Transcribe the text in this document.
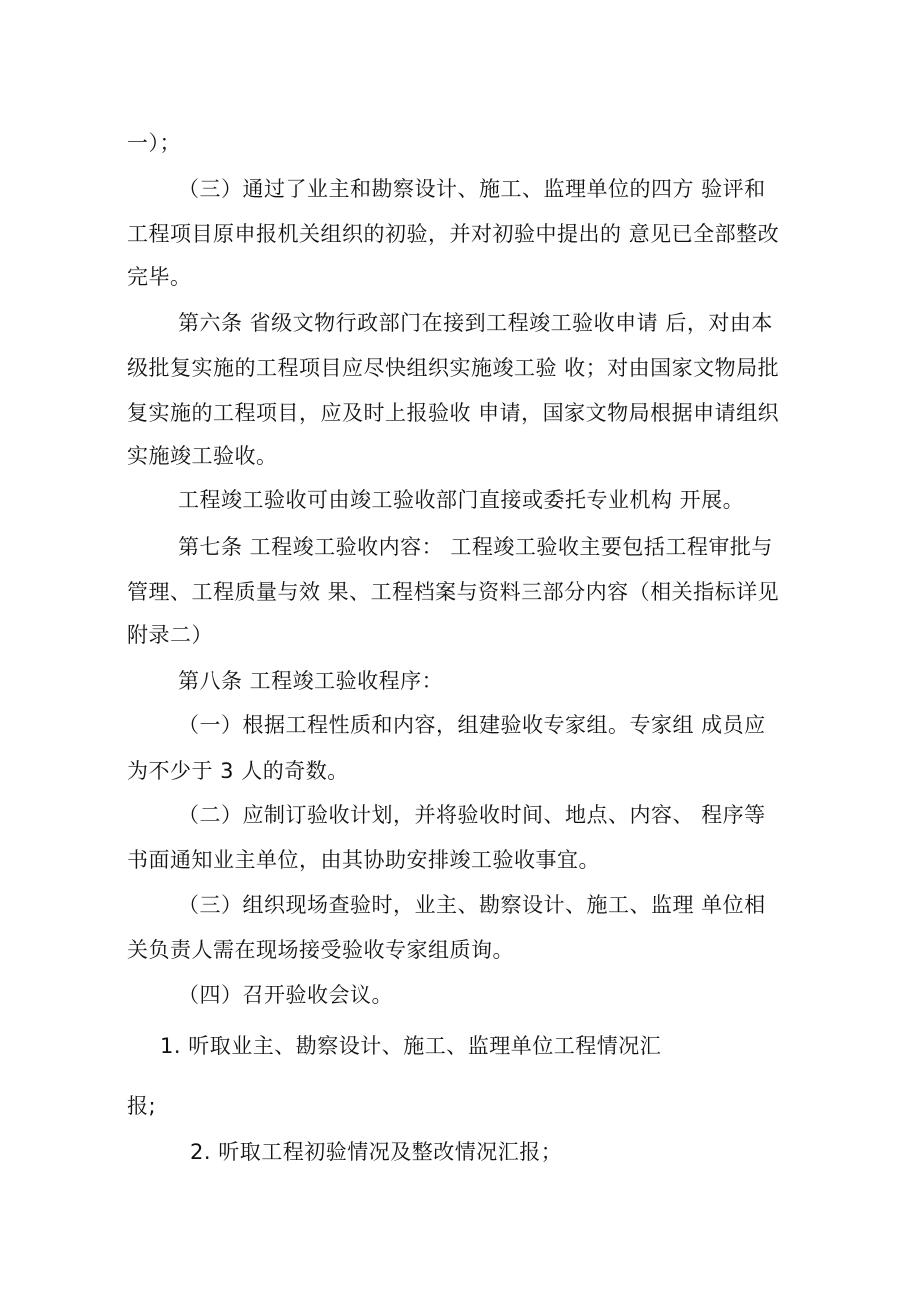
一）；
（三）通过了业主和勘察设计、施工、监理单位的四方 验评和
工程项目原申报机关组织的初验，并对初验中提出的 意见已全部整改
完毕。
第六条 省级文物行政部门在接到工程竣工验收申请 后，对由本
级批复实施的工程项目应尽快组织实施竣工验 收；对由国家文物局批
复实施的工程项目，应及时上报验收 申请，国家文物局根据申请组织
实施竣工验收。
工程竣工验收可由竣工验收部门直接或委托专业机构 开展。
第七条 工程竣工验收内容： 工程竣工验收主要包括工程审批与
管理、工程质量与效 果、工程档案与资料三部分内容（相关指标详见
附录二）
第八条 工程竣工验收程序：
（一）根据工程性质和内容，组建验收专家组。专家组 成员应
为不少于 3 人的奇数。
（二）应制订验收计划，并将验收时间、地点、内容、 程序等
书面通知业主单位，由其协助安排竣工验收事宜。
（三）组织现场查验时，业主、勘察设计、施工、监理 单位相
关负责人需在现场接受验收专家组质询。
（四）召开验收会议。
1. 听取业主、勘察设计、施工、监理单位工程情况汇
报;
2. 听取工程初验情况及整改情况汇报；
